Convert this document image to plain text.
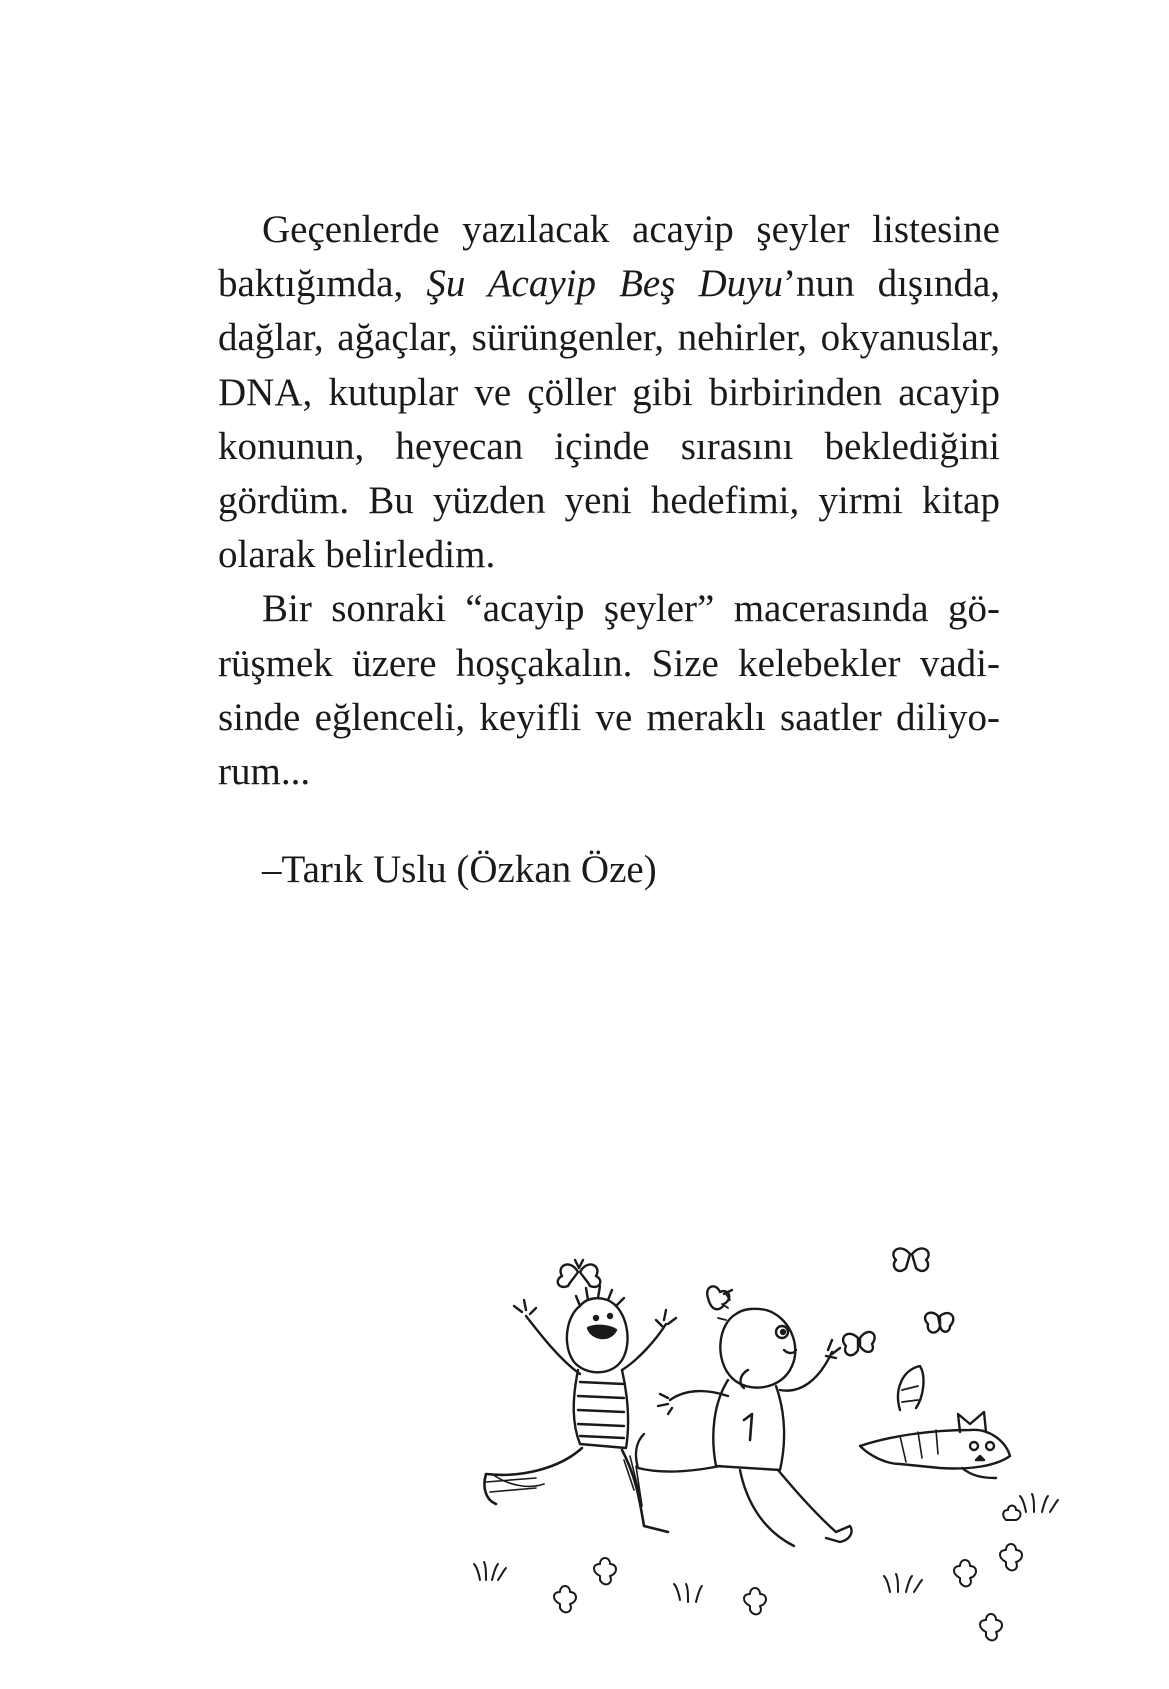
Geçenlerde yazılacak acayip şeyler listesine baktığımda, Şu Acayip Beş Duyu’nun dışında, dağlar, ağaçlar, sürüngenler, nehirler, okyanuslar, DNA, kutuplar ve çöller gibi birbirinden acayip konunun, heyecan içinde sırasını beklediğini gördüm. Bu yüzden yeni hedefimi, yirmi kitap olarak belirledim.

Bir sonraki “acayip şeyler” macerasında görüşmek üzere hoşçakalın. Size kelebekler vadisinde eğlenceli, keyifli ve meraklı saatler diliyorum...

–Tarık Uslu (Özkan Öze)
